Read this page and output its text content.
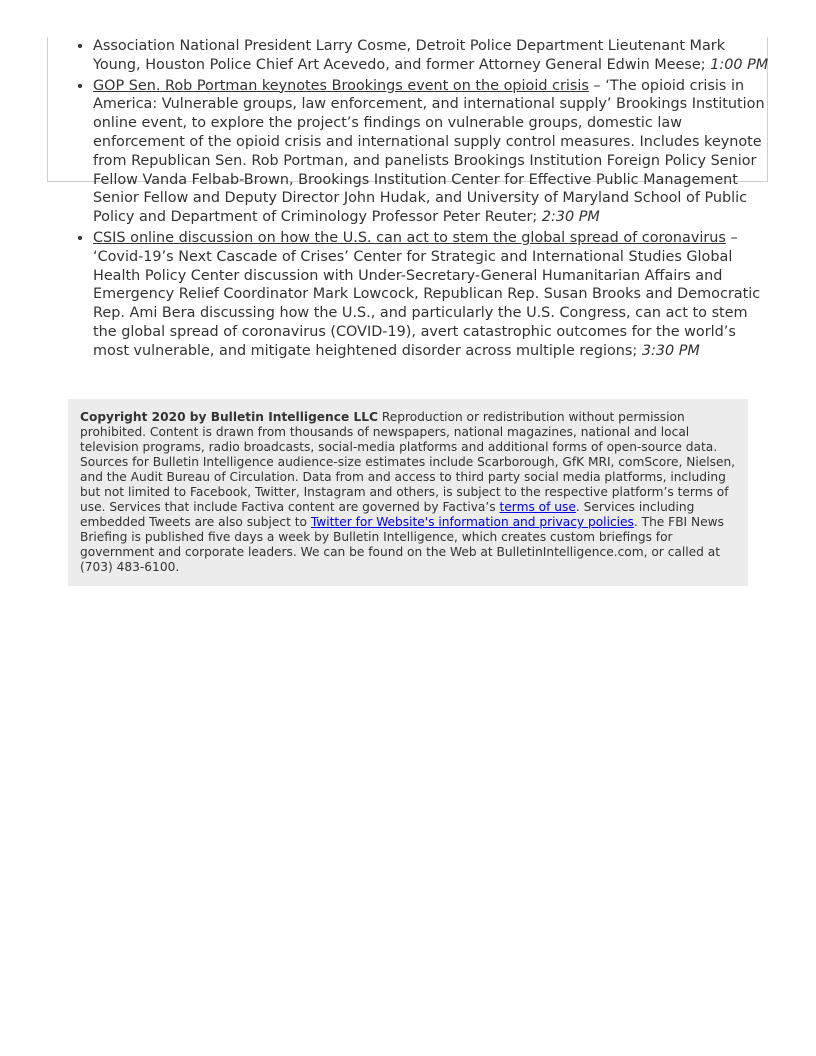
• Association National President Larry Cosme, Detroit Police Department Lieutenant Mark Young, Houston Police Chief Art Acevedo, and former Attorney General Edwin Meese; 1:00 PM
• GOP Sen. Rob Portman keynotes Brookings event on the opioid crisis – ‘The opioid crisis in America: Vulnerable groups, law enforcement, and international supply’ Brookings Institution online event, to explore the project’s findings on vulnerable groups, domestic law enforcement of the opioid crisis and international supply control measures. Includes keynote from Republican Sen. Rob Portman, and panelists Brookings Institution Foreign Policy Senior Fellow Vanda Felbab-Brown, Brookings Institution Center for Effective Public Management Senior Fellow and Deputy Director John Hudak, and University of Maryland School of Public Policy and Department of Criminology Professor Peter Reuter; 2:30 PM
• CSIS online discussion on how the U.S. can act to stem the global spread of coronavirus – ‘Covid-19’s Next Cascade of Crises’ Center for Strategic and International Studies Global Health Policy Center discussion with Under-Secretary-General Humanitarian Affairs and Emergency Relief Coordinator Mark Lowcock, Republican Rep. Susan Brooks and Democratic Rep. Ami Bera discussing how the U.S., and particularly the U.S. Congress, can act to stem the global spread of coronavirus (COVID-19), avert catastrophic outcomes for the world’s most vulnerable, and mitigate heightened disorder across multiple regions; 3:30 PM
Copyright 2020 by Bulletin Intelligence LLC Reproduction or redistribution without permission prohibited. Content is drawn from thousands of newspapers, national magazines, national and local television programs, radio broadcasts, social-media platforms and additional forms of open-source data. Sources for Bulletin Intelligence audience-size estimates include Scarborough, GfK MRI, comScore, Nielsen, and the Audit Bureau of Circulation. Data from and access to third party social media platforms, including but not limited to Facebook, Twitter, Instagram and others, is subject to the respective platform’s terms of use. Services that include Factiva content are governed by Factiva’s terms of use. Services including embedded Tweets are also subject to Twitter for Website's information and privacy policies. The FBI News Briefing is published five days a week by Bulletin Intelligence, which creates custom briefings for government and corporate leaders. We can be found on the Web at BulletinIntelligence.com, or called at (703) 483-6100.
